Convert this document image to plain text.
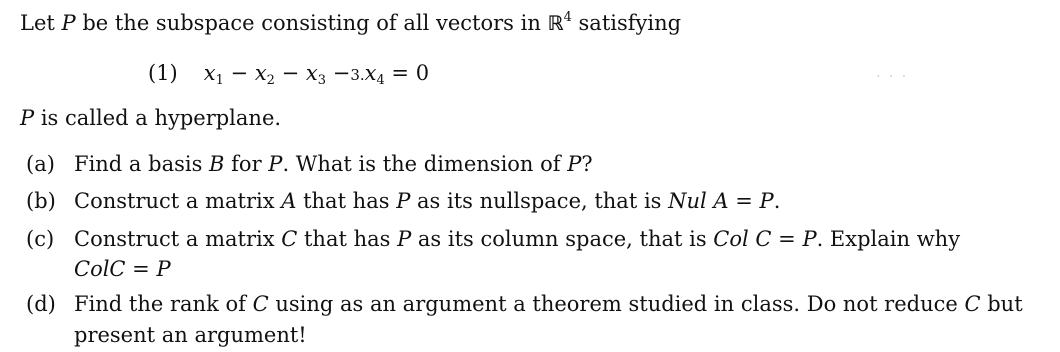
Let P be the subspace consisting of all vectors in ℝ$^4$ satisfying
(1) $x_1 - x_2 - x_3 -3.x_4 = 0$	. . .
P is called a hyperplane.
(a) Find a basis B for P. What is the dimension of P?
(b) Construct a matrix A that has P as its nullspace, that is Nul A = P.
(c) Construct a matrix C that has P as its column space, that is Col C = P. Explain why
ColC = P
(d) Find the rank of C using as an argument a theorem studied in class. Do not reduce C but
present an argument!
